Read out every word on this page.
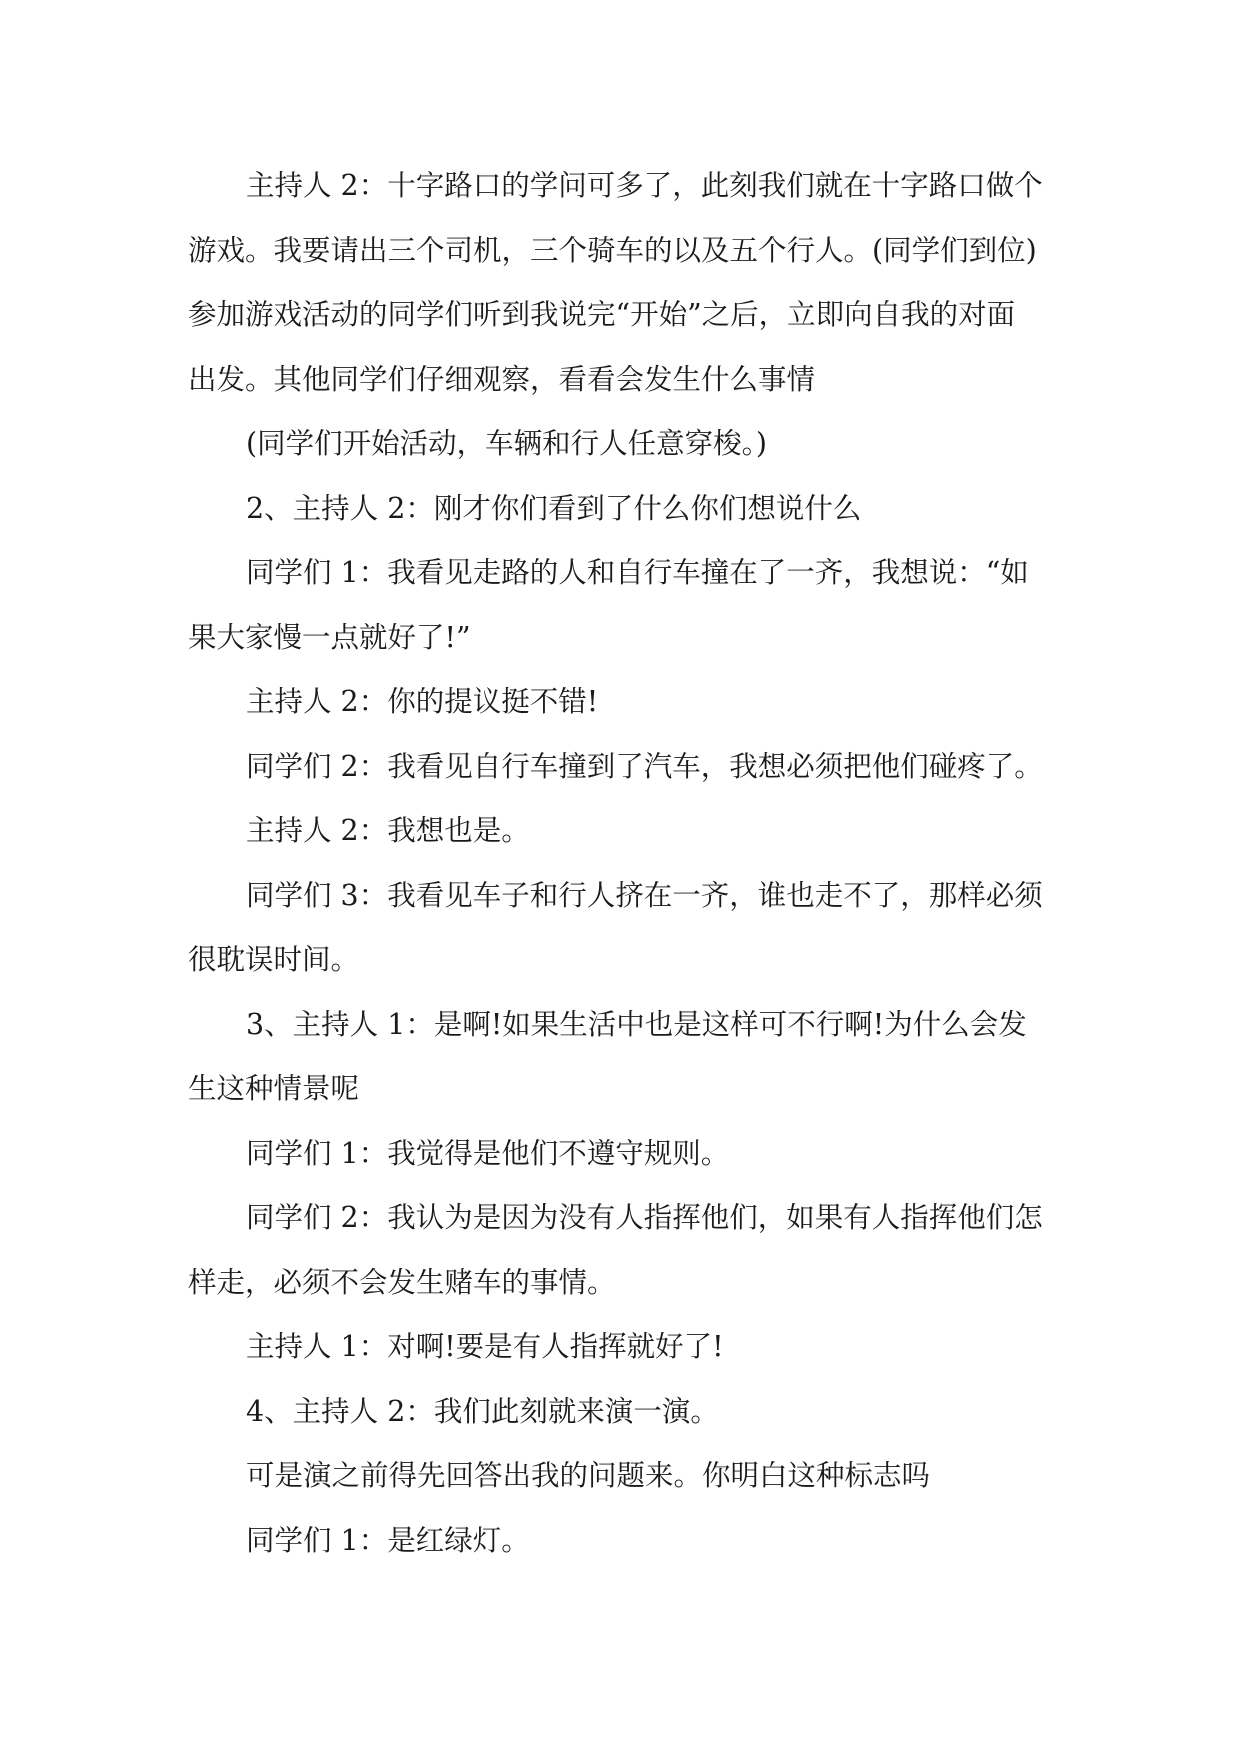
主持人 2：十字路口的学问可多了，此刻我们就在十字路口做个

游戏。我要请出三个司机，三个骑车的以及五个行人。(同学们到位)

参加游戏活动的同学们听到我说完“开始”之后，立即向自我的对面

出发。其他同学们仔细观察，看看会发生什么事情

(同学们开始活动，车辆和行人任意穿梭。)

2、主持人 2：刚才你们看到了什么你们想说什么

同学们 1：我看见走路的人和自行车撞在了一齐，我想说：“如

果大家慢一点就好了!”

主持人 2：你的提议挺不错!

同学们 2：我看见自行车撞到了汽车，我想必须把他们碰疼了。

主持人 2：我想也是。

同学们 3：我看见车子和行人挤在一齐，谁也走不了，那样必须

很耽误时间。

3、主持人 1：是啊!如果生活中也是这样可不行啊!为什么会发

生这种情景呢

同学们 1：我觉得是他们不遵守规则。

同学们 2：我认为是因为没有人指挥他们，如果有人指挥他们怎

样走，必须不会发生赌车的事情。

主持人 1：对啊!要是有人指挥就好了!

4、主持人 2：我们此刻就来演一演。

可是演之前得先回答出我的问题来。你明白这种标志吗

同学们 1：是红绿灯。
